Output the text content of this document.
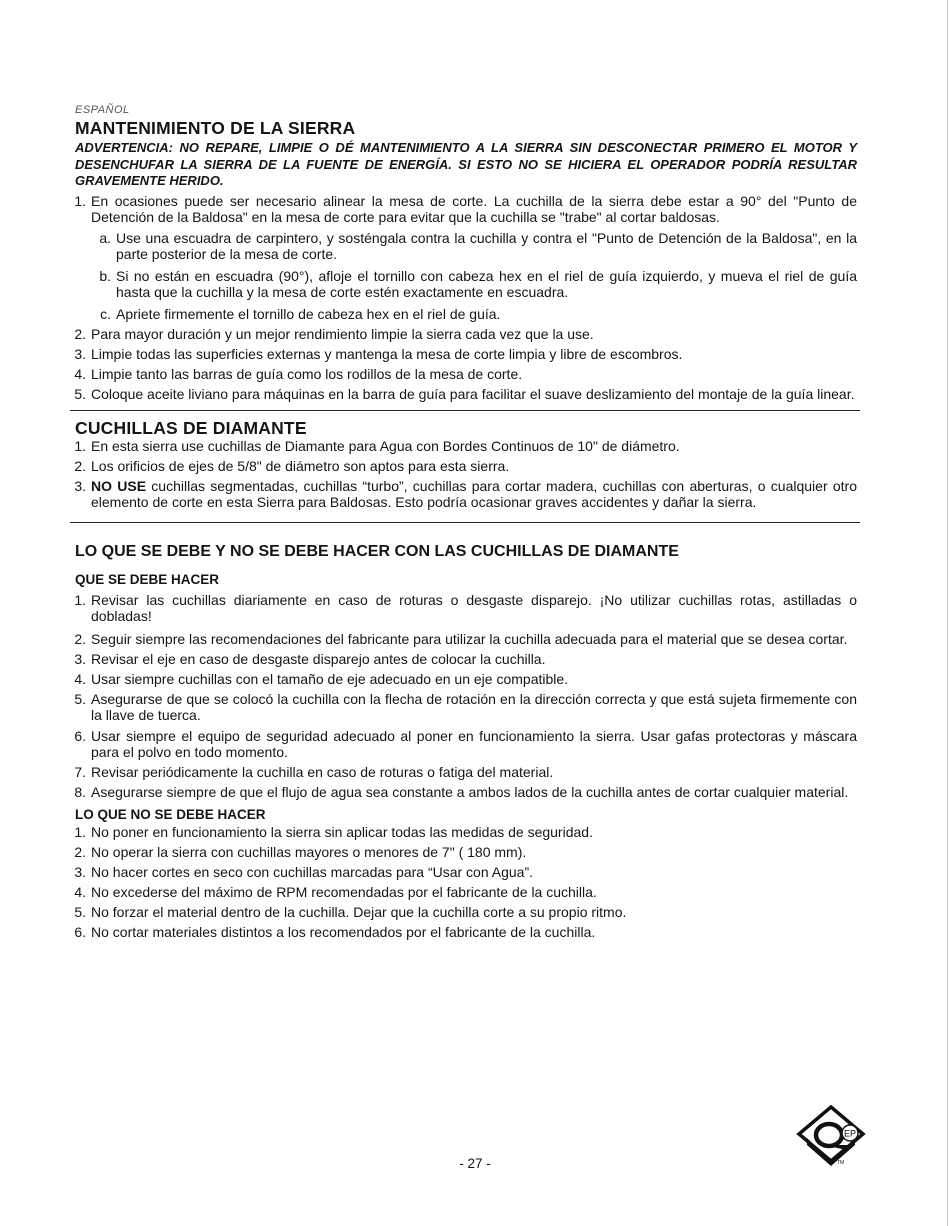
ESPAÑOL
MANTENIMIENTO DE LA SIERRA
ADVERTENCIA: NO REPARE, LIMPIE O DÉ MANTENIMIENTO A LA SIERRA SIN DESCONECTAR PRIMERO EL MOTOR Y DESENCHUFAR LA SIERRA DE LA FUENTE DE ENERGÍA. SI ESTO NO SE HICIERA EL OPERADOR PODRÍA RESULTAR GRAVEMENTE HERIDO.
1. En ocasiones puede ser necesario alinear la mesa de corte. La cuchilla de la sierra debe estar a 90° del "Punto de Detención de la Baldosa" en la mesa de corte para evitar que la cuchilla se "trabe" al cortar baldosas.
a. Use una escuadra de carpintero, y sosténgala contra la cuchilla y contra el "Punto de Detención de la Baldosa", en la parte posterior de la mesa de corte.
b. Si no están en escuadra (90°), afloje el tornillo con cabeza hex en el riel de guía izquierdo, y mueva el riel de guía hasta que la cuchilla y la mesa de corte estén exactamente en escuadra.
c. Apriete firmemente el tornillo de cabeza hex en el riel de guía.
2. Para mayor duración y un mejor rendimiento limpie la sierra cada vez que la use.
3. Limpie todas las superficies externas y mantenga la mesa de corte limpia y libre de escombros.
4. Limpie tanto las barras de guía como los rodillos de la mesa de corte.
5. Coloque aceite liviano para máquinas en la barra de guía para facilitar el suave deslizamiento del montaje de la guía linear.
CUCHILLAS DE DIAMANTE
1. En esta sierra use cuchillas de Diamante para Agua con Bordes Continuos de 10" de diámetro.
2. Los orificios de ejes de 5/8" de diámetro son aptos para esta sierra.
3. NO USE cuchillas segmentadas, cuchillas “turbo”, cuchillas para cortar madera, cuchillas con aberturas, o cualquier otro elemento de corte en esta Sierra para Baldosas. Esto podría ocasionar graves accidentes y dañar la sierra.
LO QUE SE DEBE Y NO SE DEBE HACER CON LAS CUCHILLAS DE DIAMANTE
QUE SE DEBE HACER
1. Revisar las cuchillas diariamente en caso de roturas o desgaste disparejo. ¡No utilizar cuchillas rotas, astilladas o dobladas!
2. Seguir siempre las recomendaciones del fabricante para utilizar la cuchilla adecuada para el material que se desea cortar.
3. Revisar el eje en caso de desgaste disparejo antes de colocar la cuchilla.
4. Usar siempre cuchillas con el tamaño de eje adecuado en un eje compatible.
5. Asegurarse de que se colocó la cuchilla con la flecha de rotación en la dirección correcta y que está sujeta firmemente con la llave de tuerca.
6. Usar siempre el equipo de seguridad adecuado al poner en funcionamiento la sierra. Usar gafas protectoras y máscara para el polvo en todo momento.
7. Revisar periódicamente la cuchilla en caso de roturas o fatiga del material.
8. Asegurarse siempre de que el flujo de agua sea constante a ambos lados de la cuchilla antes de cortar cualquier material.
LO QUE NO SE DEBE HACER
1. No poner en funcionamiento la sierra sin aplicar todas las medidas de seguridad.
2. No operar la sierra con cuchillas mayores o menores de 7" ( 180 mm).
3. No hacer cortes en seco con cuchillas marcadas para “Usar con Agua”.
4. No excederse del máximo de RPM recomendadas por el fabricante de la cuchilla.
5. No forzar el material dentro de la cuchilla. Dejar que la cuchilla corte a su propio ritmo.
6. No cortar materiales distintos a los recomendados por el fabricante de la cuchilla.
- 27 -
EP
TM
